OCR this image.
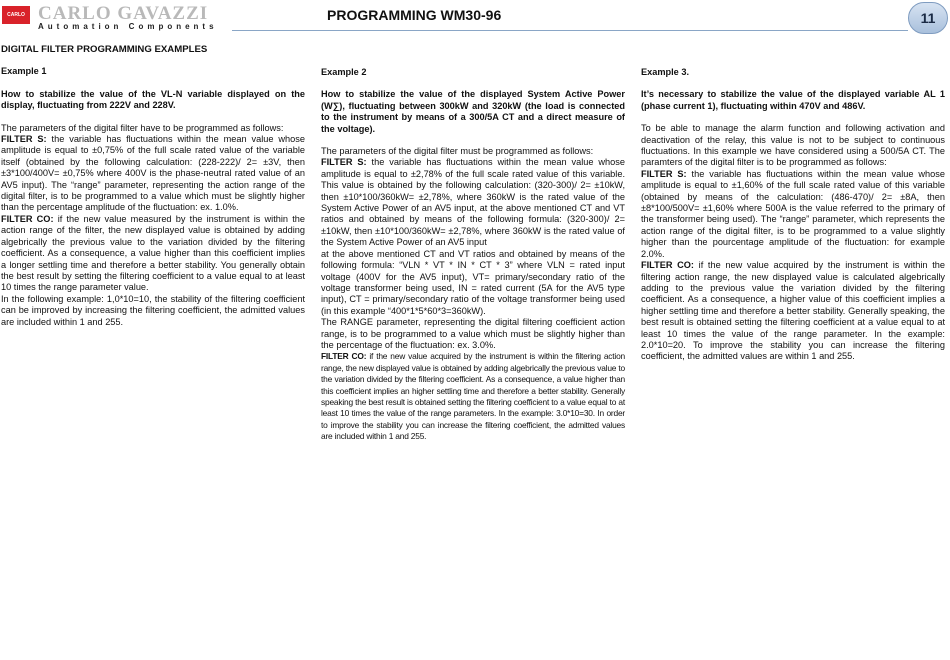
CARLO GAVAZZI
CARLO GAVAZZI
Automation Components
PROGRAMMING WM30-96	11

DIGITAL FILTER PROGRAMMING EXAMPLES

Example 1

How to stabilize the value of the VL-N variable displayed on the display, fluctuating from 222V and 228V.

The parameters of the digital filter have to be programmed as follows:

FILTER S: the variable has fluctuations within the mean value whose amplitude is equal to ±0,75% of the full scale rated value of the variable itself (obtained by the following calculation: (228-222)/ 2= ±3V, then ±3*100/400V= ±0,75% where 400V is the phase-neutral rated value of an AV5 input). The “range” parameter, representing the action range of the digital filter, is to be programmed to a value which must be slightly higher than the percentage amplitude of the fluctuation: ex. 1.0%.

FILTER CO: if the new value measured by the instrument is within the action range of the filter, the new displayed value is obtained by adding algebrically the previous value to the variation divided by the filtering coefficient. As a consequence, a value higher than this coefficient implies a longer settling time and therefore a better stability. You generally obtain the best result by setting the filtering coefficient to a value equal to at least 10 times the range parameter value.

In the following example: 1,0*10=10, the stability of the filtering coefficient can be improved by increasing the filtering coefficient, the admitted values are included within 1 and 255.

Example 2

How to stabilize the value of the displayed System Active Power (W∑), fluctuating between 300kW and 320kW (the load is connected to the instrument by means of a 300/5A CT and a direct measure of the voltage).

The parameters of the digital filter must be programmed as follows:

FILTER S: the variable has fluctuations within the mean value whose amplitude is equal to ±2,78% of the full scale rated value of this variable. This value is obtained by the following calculation: (320-300)/ 2= ±10kW, then ±10*100/360kW= ±2,78%, where 360kW is the rated value of the System Active Power of an AV5 input, at the above mentioned CT and VT ratios and obtained by means of the following formula: (320-300)/ 2= ±10kW, then ±10*100/360kW= ±2,78%, where 360kW is the rated value of the System Active Power of an AV5 input

at the above mentioned CT and VT ratios and obtained by means of the following formula: “VLN * VT * IN * CT * 3” where VLN = rated input voltage (400V for the AV5 input), VT= primary/secondary ratio of the voltage transformer being used, IN = rated current (5A for the AV5 type input), CT = primary/secondary ratio of the voltage transformer being used (in this example “400*1*5*60*3=360kW).

The RANGE parameter, representing the digital filtering coefficient action range, is to be programmed to a value which must be slightly higher than the percentage of the fluctuation: ex. 3.0%.

FILTER CO: if the new value acquired by the instrument is within the filtering action range, the new displayed value is obtained by adding algebrically the previous value to the variation divided by the filtering coefficient. As a consequence, a value higher than this coefficient implies an higher settling time and therefore a better stability. Generally speaking the best result is obtained setting the filtering coefficient to a value equal to at least 10 times the value of the range parameters. In the example: 3.0*10=30. In order to improve the stability you can increase the filtering coefficient, the admitted values are included within 1 and 255.

Example 3.

It’s necessary to stabilize the value of the displayed variable AL 1 (phase current 1), fluctuating within 470V and 486V.

To be able to manage the alarm function and following activation and deactivation of the relay, this value is not to be subject to continuous fluctuations. In this example we have considered using a 500/5A CT. The paramters of the digital filter is to be programmed as follows:

FILTER S: the variable has fluctuations within the mean value whose amplitude is equal to ±1,60% of the full scale rated value of this variable (obtained by means of the calculation: (486-470)/ 2= ±8A, then ±8*100/500V= ±1,60% where 500A is the value referred to the primary of the transformer being used). The “range” parameter, which represents the action range of the digital filter, is to be programmed to a value slightly higher than the pourcentage amplitude of the fluctuation: for example 2.0%.

FILTER CO: if the new value acquired by the instrument is within the filtering action range, the new displayed value is calculated algebrically adding to the previous value the variation divided by the filtering coefficient. As a consequence, a higher value of this coefficient implies a higher settling time and therefore a better stability. Generally speaking, the best result is obtained setting the filtering coefficient at a value equal to at least 10 times the value of the range parameter. In the example: 2.0*10=20. To improve the stability you can increase the filtering coefficient, the admitted values are within 1 and 255.
